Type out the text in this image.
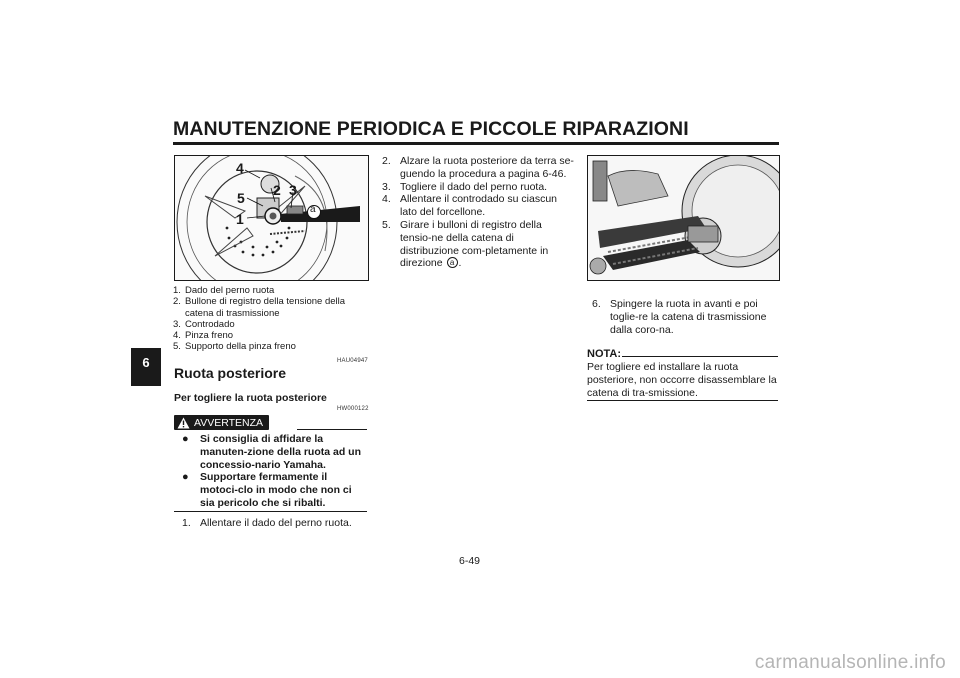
MANUTENZIONE PERIODICA E PICCOLE RIPARAZIONI
6
4
5 2 3
1
a
1. Dado del perno ruota
2. Bullone di registro della tensione della catena di trasmissione
3. Controdado
4. Pinza freno
5. Supporto della pinza freno
HAU04947
Ruota posteriore
Per togliere la ruota posteriore
HW000122
AVVERTENZA
●	Si consiglia di affidare la manuten-zione della ruota ad un concessio-nario Yamaha.
●	Supportare fermamente il motoci-clo in modo che non ci sia pericolo che si ribalti.
1. Allentare il dado del perno ruota.
2. Alzare la ruota posteriore da terra se-guendo la procedura a pagina 6-46.
3. Togliere il dado del perno ruota.
4. Allentare il controdado su ciascun lato del forcellone.
5. Girare i bulloni di registro della tensio-ne della catena di distribuzione com-pletamente in direzione a .
6. Spingere la ruota in avanti e poi toglie-re la catena di trasmissione dalla coro-na.
NOTA:
Per togliere ed installare la ruota posteriore, non occorre disassemblare la catena di tra-smissione.
6-49
carmanualsonline.info
